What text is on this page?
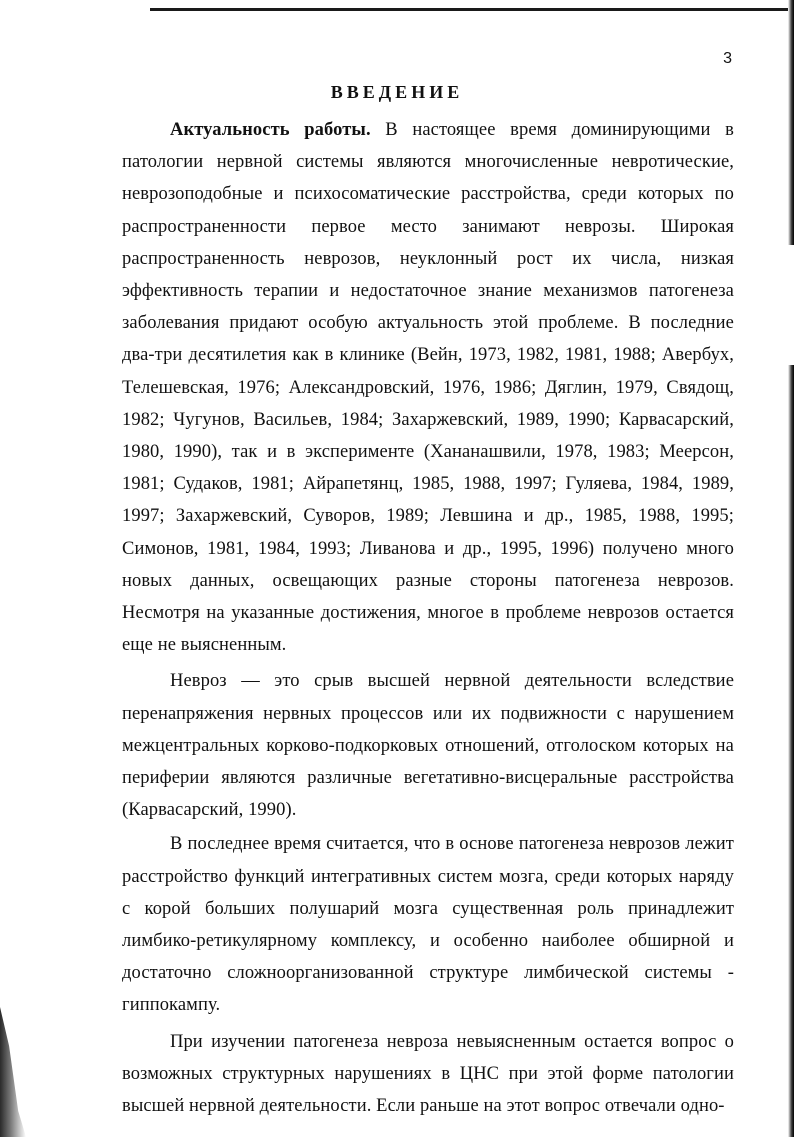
3
ВВЕДЕНИЕ

Актуальность работы. В настоящее время доминирующими в патологии нервной системы являются многочисленные невротические, неврозоподобные и психосоматические расстройства, среди которых по распространенности первое место занимают неврозы. Широкая распространенность неврозов, неуклонный рост их числа, низкая эффективность терапии и недостаточное знание механизмов патогенеза заболевания придают особую актуальность этой проблеме. В последние два-три десятилетия как в клинике (Вейн, 1973, 1982, 1981, 1988; Авербух, Телешевская, 1976; Александровский, 1976, 1986; Дяглин, 1979, Свядощ, 1982; Чугунов, Васильев, 1984; Захаржевский, 1989, 1990; Карвасарский, 1980, 1990), так и в эксперименте (Хананашвили, 1978, 1983; Меерсон, 1981; Судаков, 1981; Айрапетянц, 1985, 1988, 1997; Гуляева, 1984, 1989, 1997; Захаржевский, Суворов, 1989; Левшина и др., 1985, 1988, 1995; Симонов, 1981, 1984, 1993; Ливанова и др., 1995, 1996) получено много новых данных, освещающих разные стороны патогенеза неврозов. Несмотря на указанные достижения, многое в проблеме неврозов остается еще не выясненным.

Невроз — это срыв высшей нервной деятельности вследствие перенапряжения нервных процессов или их подвижности с нарушением межцентральных корково-подкорковых отношений, отголоском которых на периферии являются различные вегетативно-висцеральные расстройства (Карвасарский, 1990).

В последнее время считается, что в основе патогенеза неврозов лежит расстройство функций интегративных систем мозга, среди которых наряду с корой больших полушарий мозга существенная роль принадлежит лимбико-ретикулярному комплексу, и особенно наиболее обширной и достаточно сложноорганизованной структуре лимбической системы - гиппокампу.

При изучении патогенеза невроза невыясненным остается вопрос о возможных структурных нарушениях в ЦНС при этой форме патологии высшей нервной деятельности. Если раньше на этот вопрос отвечали одно-
